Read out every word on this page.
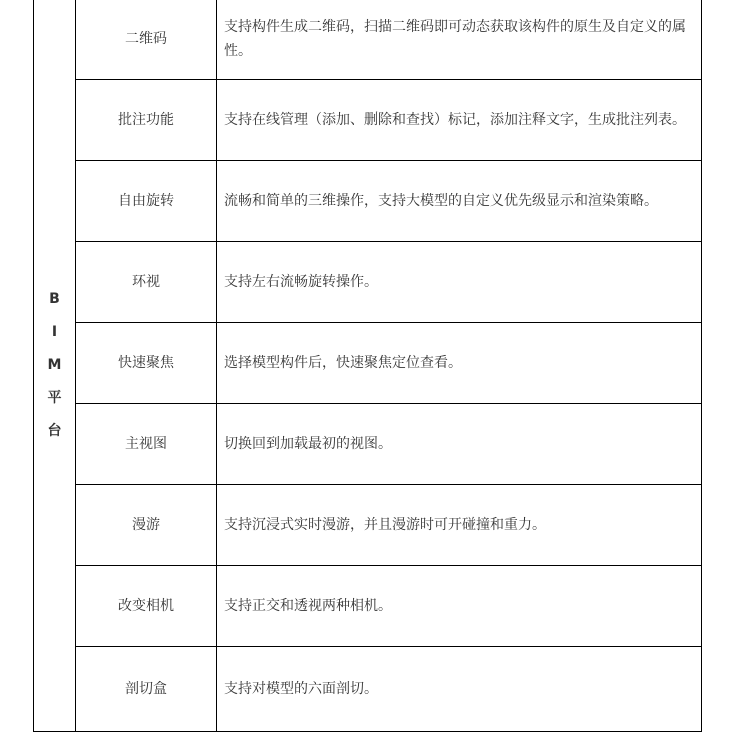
B
I
M
平
台	二维码	支持构件生成二维码，扫描二维码即可动态获取该构件的原生及自定义的属性。
	批注功能	支持在线管理（添加、删除和查找）标记，添加注释文字，生成批注列表。
	自由旋转	流畅和简单的三维操作，支持大模型的自定义优先级显示和渲染策略。
	环视	支持左右流畅旋转操作。
	快速聚焦	选择模型构件后，快速聚焦定位查看。
	主视图	切换回到加载最初的视图。
	漫游	支持沉浸式实时漫游，并且漫游时可开碰撞和重力。
	改变相机	支持正交和透视两种相机。
	剖切盒	支持对模型的六面剖切。
